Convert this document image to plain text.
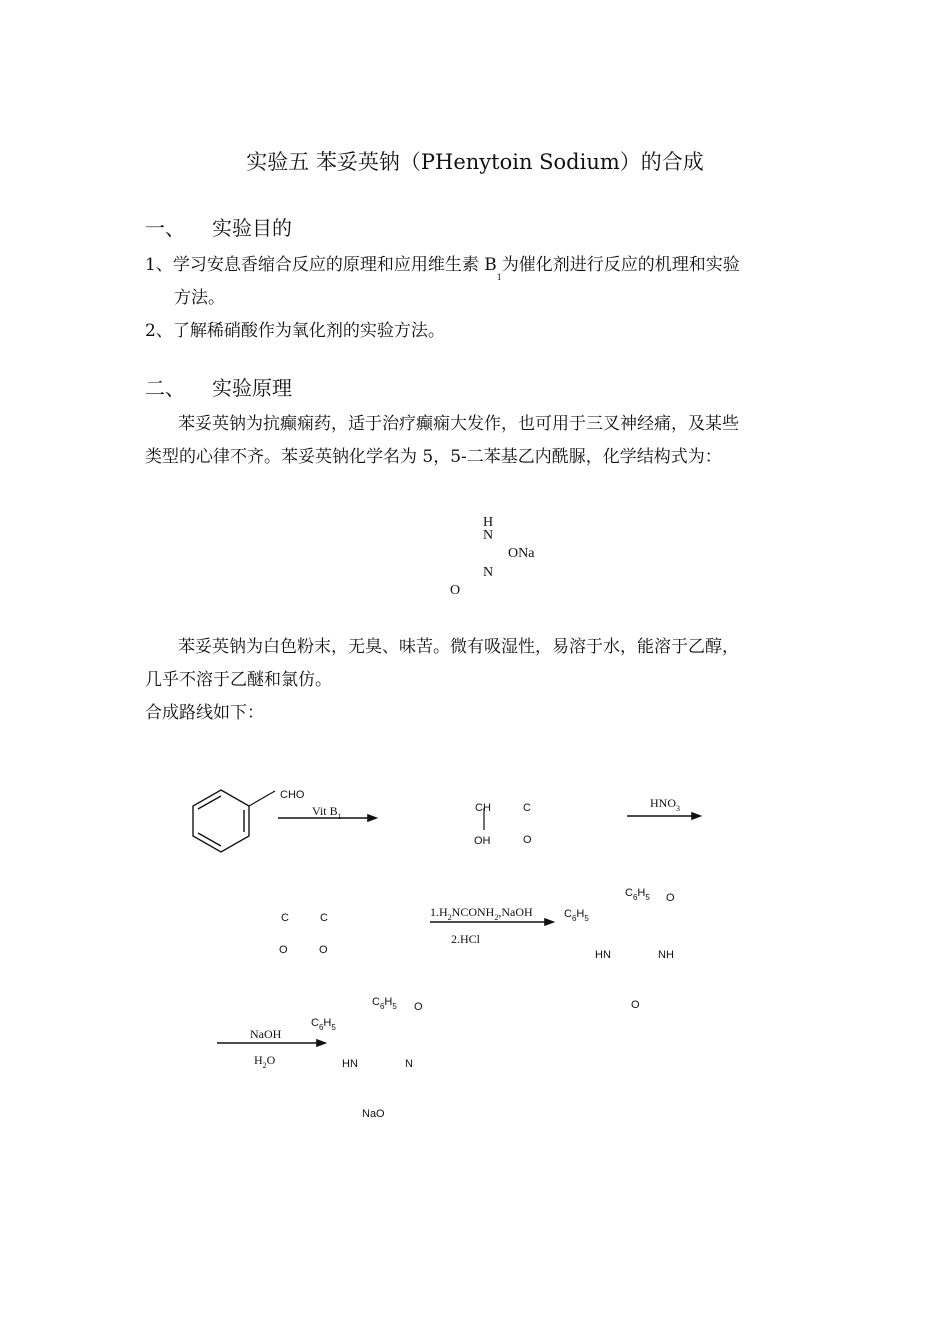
实验五 苯妥英钠（PHenytoin Sodium）的合成
一、 实验目的
1、学习安息香缩合反应的原理和应用维生素 $B_1$为催化剂进行反应的机理和实验
方法。
2、了解稀硝酸作为氧化剂的实验方法。
二、 实验原理
苯妥英钠为抗癫痫药，适于治疗癫痫大发作，也可用于三叉神经痛，及某些
类型的心律不齐。苯妥英钠化学名为 5，5-二苯基乙内酰脲，化学结构式为：
H
N
ONa
N
O
苯妥英钠为白色粉末，无臭、味苦。微有吸湿性，易溶于水，能溶于乙醇，
几乎不溶于乙醚和氯仿。
合成路线如下：
CHO
Vit $B_1$
CH	C
OH	O
$HNO_3$
C	C
O	O
$1.H_2NCONH_2,NaOH$
2.HCl
$C_6H_5$ O
$C_6H_5$
HN	NH
O
NaOH
$H_2O$
$C_6H_5$ O
$C_6H_5$
HN	N
NaO
